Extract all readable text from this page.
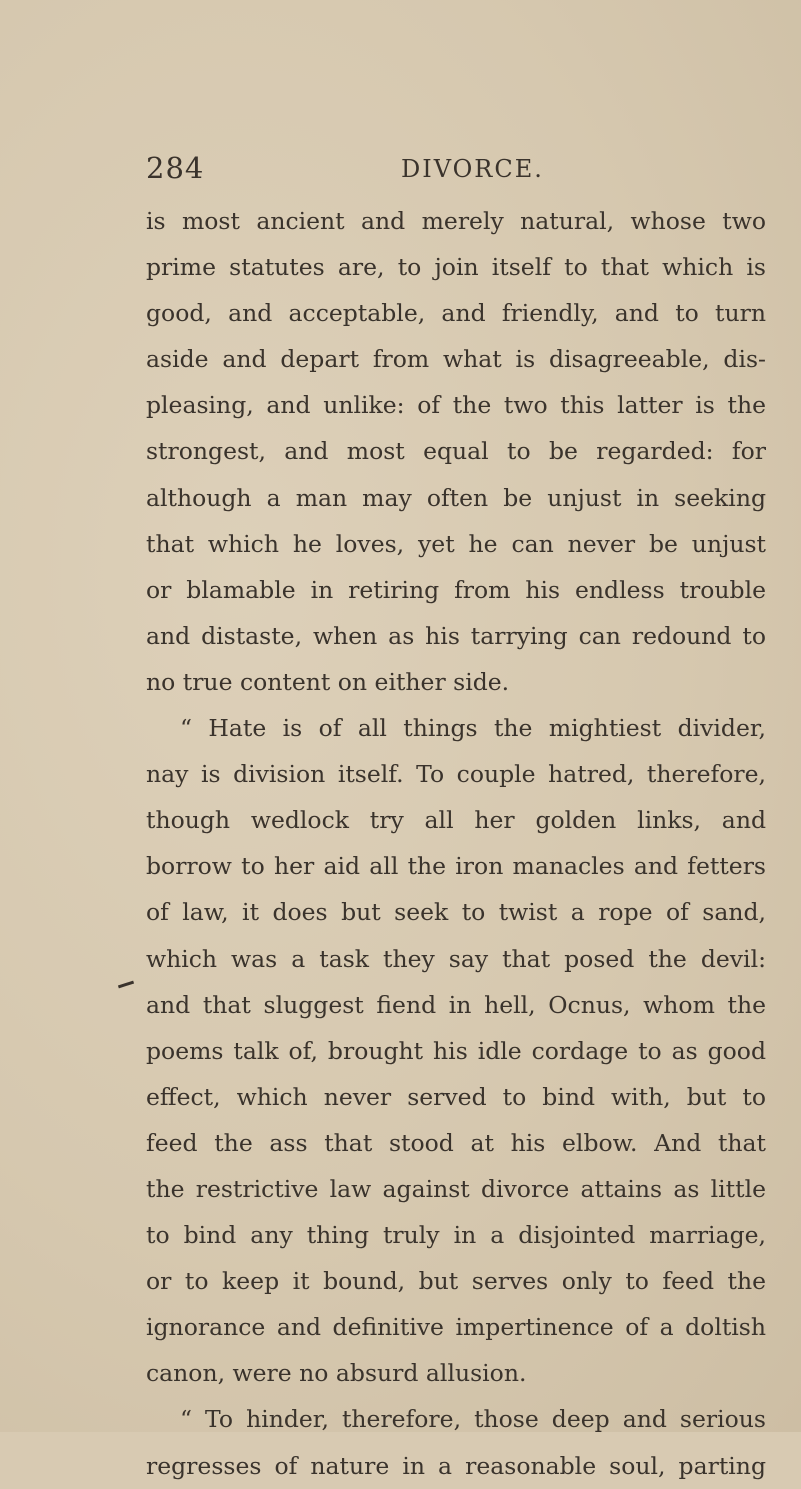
284	DIVORCE.
is most ancient and merely natural, whose two
prime statutes are, to join itself to that which is
good, and acceptable, and friendly, and to turn
aside and depart from what is disagreeable, dis-
pleasing, and unlike: of the two this latter is the
strongest, and most equal to be regarded: for
although a man may often be unjust in seeking
that which he loves, yet he can never be unjust
or blamable in retiring from his endless trouble
and distaste, when as his tarrying can redound to
no true content on either side.
“ Hate is of all things the mightiest divider,
nay is division itself. To couple hatred, therefore,
though wedlock try all her golden links, and
borrow to her aid all the iron manacles and fetters
of law, it does but seek to twist a rope of sand,
which was a task they say that posed the devil:
and that sluggest fiend in hell, Ocnus, whom the
poems talk of, brought his idle cordage to as good
effect, which never served to bind with, but to
feed the ass that stood at his elbow. And that
the restrictive law against divorce attains as little
to bind any thing truly in a disjointed marriage,
or to keep it bound, but serves only to feed the
ignorance and definitive impertinence of a doltish
canon, were no absurd allusion.
“ To hinder, therefore, those deep and serious
regresses of nature in a reasonable soul, parting
